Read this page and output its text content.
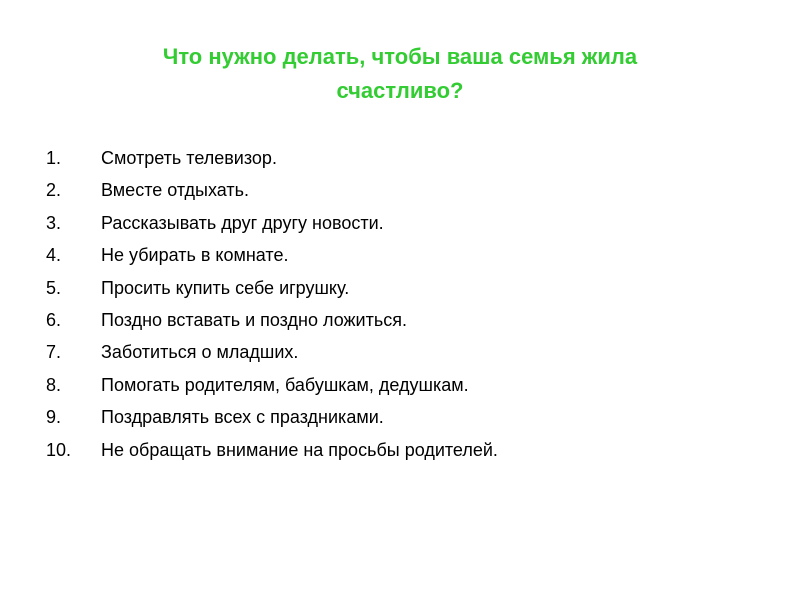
Что нужно делать, чтобы ваша семья жила
счастливо?
1. Смотреть телевизор.
2. Вместе отдыхать.
3. Рассказывать друг другу новости.
4. Не убирать в комнате.
5. Просить купить себе игрушку.
6. Поздно вставать и поздно ложиться.
7. Заботиться о младших.
8. Помогать родителям, бабушкам, дедушкам.
9. Поздравлять всех с праздниками.
10. Не обращать внимание на просьбы родителей.
